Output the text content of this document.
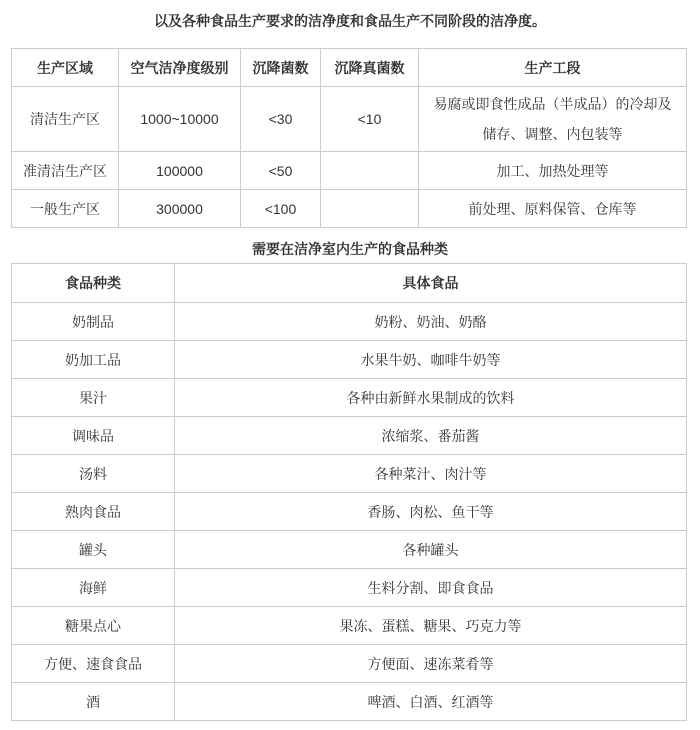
以及各种食品生产要求的洁净度和食品生产不同阶段的洁净度。
生产区域	空气洁净度级别	沉降菌数	沉降真菌数	生产工段
清洁生产区	1000~10000	<30	<10	易腐或即食性成品（半成品）的冷却及储存、调整、内包装等
准清洁生产区	100000	<50		加工、加热处理等
一般生产区	300000	<100		前处理、原料保管、仓库等
需要在洁净室内生产的食品种类
食品种类	具体食品
奶制品	奶粉、奶油、奶酪
奶加工品	水果牛奶、咖啡牛奶等
果汁	各种由新鲜水果制成的饮料
调味品	浓缩浆、番茄酱
汤料	各种菜汁、肉汁等
熟肉食品	香肠、肉松、鱼干等
罐头	各种罐头
海鲜	生料分割、即食食品
糖果点心	果冻、蛋糕、糖果、巧克力等
方便、速食食品	方便面、速冻菜肴等
酒	啤酒、白酒、红酒等
